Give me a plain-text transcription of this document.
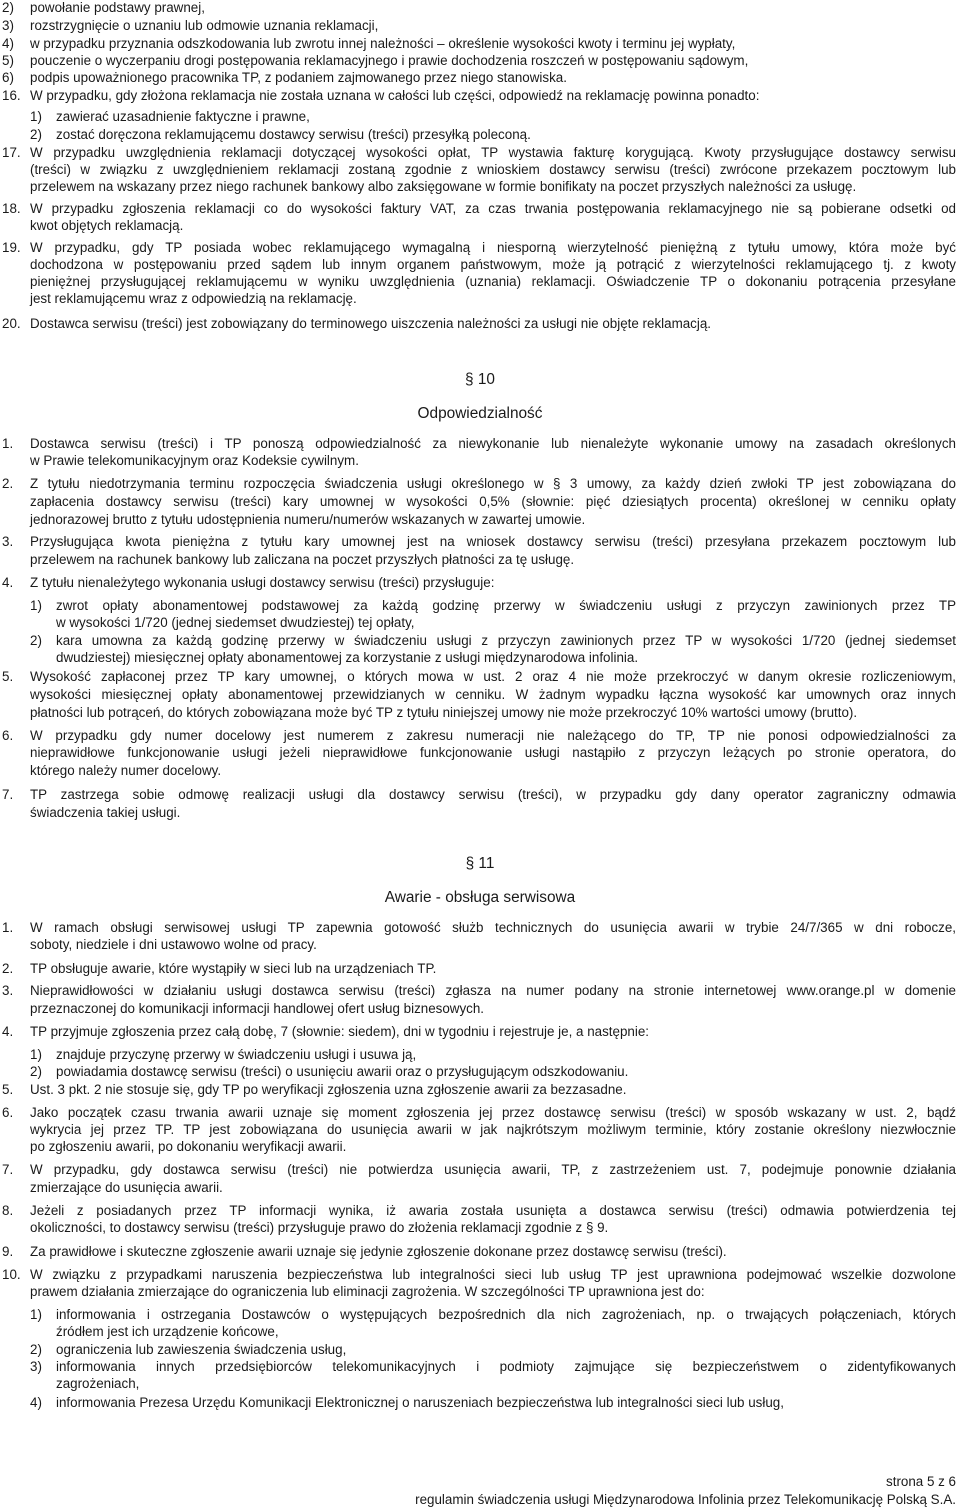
2) powołanie podstawy prawnej,
3) rozstrzygnięcie o uznaniu lub odmowie uznania reklamacji,
4) w przypadku przyznania odszkodowania lub zwrotu innej należności – określenie wysokości kwoty i terminu jej wypłaty,
5) pouczenie o wyczerpaniu drogi postępowania reklamacyjnego i prawie dochodzenia roszczeń w postępowaniu sądowym,
6) podpis upoważnionego pracownika TP, z podaniem zajmowanego przez niego stanowiska.
16. W przypadku, gdy złożona reklamacja nie została uznana w całości lub części, odpowiedź na reklamację powinna ponadto:
1) zawierać uzasadnienie faktyczne i prawne,
2) zostać doręczona reklamującemu dostawcy serwisu (treści) przesyłką poleconą.
17. W przypadku uwzględnienia reklamacji dotyczącej wysokości opłat, TP wystawia fakturę korygującą. Kwoty przysługujące dostawcy serwisu
(treści) w związku z uwzględnieniem reklamacji zostaną zgodnie z wnioskiem dostawcy serwisu (treści) zwrócone przekazem pocztowym lub
przelewem na wskazany przez niego rachunek bankowy albo zaksięgowane w formie bonifikaty na poczet przyszłych należności za usługę.
18. W przypadku zgłoszenia reklamacji co do wysokości faktury VAT, za czas trwania postępowania reklamacyjnego nie są pobierane odsetki od
kwot objętych reklamacją.
19. W przypadku, gdy TP posiada wobec reklamującego wymagalną i niesporną wierzytelność pieniężną z tytułu umowy, która może być
dochodzona w postępowaniu przed sądem lub innym organem państwowym, może ją potrącić z wierzytelności reklamującego tj. z kwoty
pieniężnej przysługującej reklamującemu w wyniku uwzględnienia (uznania) reklamacji. Oświadczenie TP o dokonaniu potrącenia przesyłane
jest reklamującemu wraz z odpowiedzią na reklamację.
20. Dostawca serwisu (treści) jest zobowiązany do terminowego uiszczenia należności za usługi nie objęte reklamacją.
§ 10
Odpowiedzialność
1. Dostawca serwisu (treści) i TP ponoszą odpowiedzialność za niewykonanie lub nienależyte wykonanie umowy na zasadach określonych
w Prawie telekomunikacyjnym oraz Kodeksie cywilnym.
2. Z tytułu niedotrzymania terminu rozpoczęcia świadczenia usługi określonego w § 3 umowy, za każdy dzień zwłoki TP jest zobowiązana do
zapłacenia dostawcy serwisu (treści) kary umownej w wysokości 0,5% (słownie: pięć dziesiątych procenta) określonej w cenniku opłaty
jednorazowej brutto z tytułu udostępnienia numeru/numerów wskazanych w zawartej umowie.
3. Przysługująca kwota pieniężna z tytułu kary umownej jest na wniosek dostawcy serwisu (treści) przesyłana przekazem pocztowym lub
przelewem na rachunek bankowy lub zaliczana na poczet przyszłych płatności za tę usługę.
4. Z tytułu nienależytego wykonania usługi dostawcy serwisu (treści) przysługuje:
1) zwrot opłaty abonamentowej podstawowej za każdą godzinę przerwy w świadczeniu usługi z przyczyn zawinionych przez TP
w wysokości 1/720 (jednej siedemset dwudziestej) tej opłaty,
2) kara umowna za każdą godzinę przerwy w świadczeniu usługi z przyczyn zawinionych przez TP w wysokości 1/720 (jednej siedemset
dwudziestej) miesięcznej opłaty abonamentowej za korzystanie z usługi międzynarodowa infolinia.
5. Wysokość zapłaconej przez TP kary umownej, o których mowa w ust. 2 oraz 4 nie może przekroczyć w danym okresie rozliczeniowym,
wysokości miesięcznej opłaty abonamentowej przewidzianych w cenniku. W żadnym wypadku łączna wysokość kar umownych oraz innych
płatności lub potrąceń, do których zobowiązana może być TP z tytułu niniejszej umowy nie może przekroczyć 10% wartości umowy (brutto).
6. W przypadku gdy numer docelowy jest numerem z zakresu numeracji nie należącego do TP, TP nie ponosi odpowiedzialności za
nieprawidłowe funkcjonowanie usługi jeżeli nieprawidłowe funkcjonowanie usługi nastąpiło z przyczyn leżących po stronie operatora, do
którego należy numer docelowy.
7. TP zastrzega sobie odmowę realizacji usługi dla dostawcy serwisu (treści), w przypadku gdy dany operator zagraniczny odmawia
świadczenia takiej usługi.
§ 11
Awarie - obsługa serwisowa
1. W ramach obsługi serwisowej usługi TP zapewnia gotowość służb technicznych do usunięcia awarii w trybie 24/7/365 w dni robocze,
soboty, niedziele i dni ustawowo wolne od pracy.
2. TP obsługuje awarie, które wystąpiły w sieci lub na urządzeniach TP.
3. Nieprawidłowości w działaniu usługi dostawca serwisu (treści) zgłasza na numer podany na stronie internetowej www.orange.pl w domenie
przeznaczonej do komunikacji informacji handlowej ofert usług biznesowych.
4. TP przyjmuje zgłoszenia przez całą dobę, 7 (słownie: siedem), dni w tygodniu i rejestruje je, a następnie:
1) znajduje przyczynę przerwy w świadczeniu usługi i usuwa ją,
2) powiadamia dostawcę serwisu (treści) o usunięciu awarii oraz o przysługującym odszkodowaniu.
5. Ust. 3 pkt. 2 nie stosuje się, gdy TP po weryfikacji zgłoszenia uzna zgłoszenie awarii za bezzasadne.
6. Jako początek czasu trwania awarii uznaje się moment zgłoszenia jej przez dostawcę serwisu (treści) w sposób wskazany w ust. 2, bądź
wykrycia jej przez TP. TP jest zobowiązana do usunięcia awarii w jak najkrótszym możliwym terminie, który zostanie określony niezwłocznie
po zgłoszeniu awarii, po dokonaniu weryfikacji awarii.
7. W przypadku, gdy dostawca serwisu (treści) nie potwierdza usunięcia awarii, TP, z zastrzeżeniem ust. 7, podejmuje ponownie działania
zmierzające do usunięcia awarii.
8. Jeżeli z posiadanych przez TP informacji wynika, iż awaria została usunięta a dostawca serwisu (treści) odmawia potwierdzenia tej
okoliczności, to dostawcy serwisu (treści) przysługuje prawo do złożenia reklamacji zgodnie z § 9.
9. Za prawidłowe i skuteczne zgłoszenie awarii uznaje się jedynie zgłoszenie dokonane przez dostawcę serwisu (treści).
10. W związku z przypadkami naruszenia bezpieczeństwa lub integralności sieci lub usług TP jest uprawniona podejmować wszelkie dozwolone
prawem działania zmierzające do ograniczenia lub eliminacji zagrożenia. W szczególności TP uprawniona jest do:
1) informowania i ostrzegania Dostawców o występujących bezpośrednich dla nich zagrożeniach, np. o trwających połączeniach, których
źródłem jest ich urządzenie końcowe,
2) ograniczenia lub zawieszenia świadczenia usług,
3) informowania innych przedsiębiorców telekomunikacyjnych i podmioty zajmujące się bezpieczeństwem o zidentyfikowanych
zagrożeniach,
4) informowania Prezesa Urzędu Komunikacji Elektronicznej o naruszeniach bezpieczeństwa lub integralności sieci lub usług,
strona 5 z 6
regulamin świadczenia usługi Międzynarodowa Infolinia przez Telekomunikację Polską S.A.
